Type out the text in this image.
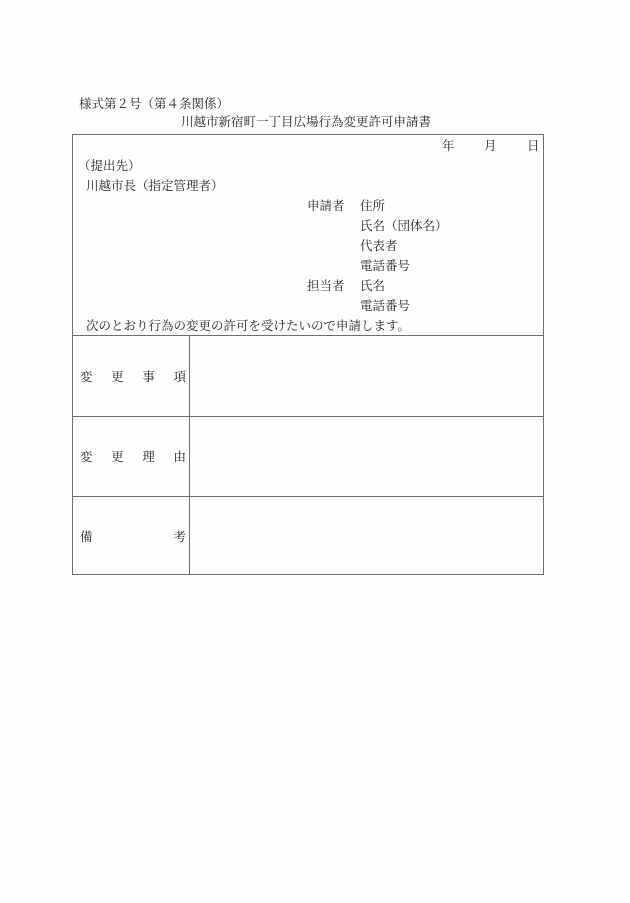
様式第２号（第４条関係）
川越市新宿町一丁目広場行為変更許可申請書
年 月 日
（提出先）
川越市長（指定管理者）
申請者 住所
氏名（団体名）
代表者
電話番号
担当者 氏名
電話番号
次のとおり行為の変更の許可を受けたいので申請します。
変 更 事 項
変 更 理 由
備	考
